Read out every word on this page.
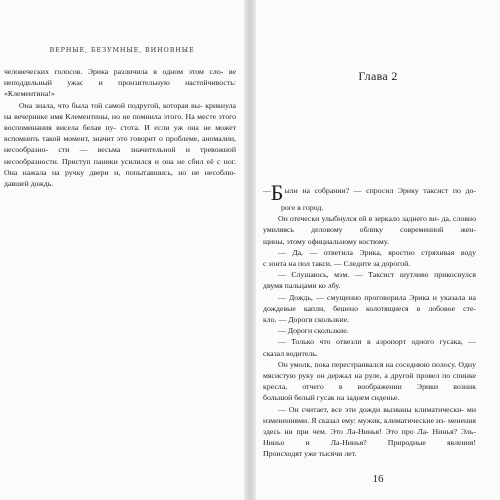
ВЕРНЫЕ, БЕЗУМНЫЕ, ВИНОВНЫЕ

человеческих голосов. Эрика различила в одном этом сло- ве неподдельный ужас и пронзительную настойчивость:

«Клементина!»

Она знала, что была той самой подругой, которая вы- крикнула на вечеринке имя Клементины, но не помнила этого. На месте этого воспоминания висела белая пу- стота. И если уж она не может вспомнить такой момент, значит это говорит о проблеме, аномалии, несообразно- сти — весьма значительной и тревожной несообразности. Приступ паники усилился и она не сбил её с ног. Она нажала на ручку двери и, попытавшись, но не несоблю-

давшей дождь.

Глава 2

—Были на собрании? — спросил Эрику таксист по до-

роге в город.

Он отечески улыбнулся ей в зеркало заднего ви- да, словно умиляясь деловому облику современной жен-

щины, этому официальному костюму.

— Да, — ответила Эрика, яростно стряхивая воду

с зонта на пол такси. — Следите за дорогой.

— Слушаюсь, мэм. — Таксист шутливо прикоснулся

двумя пальцами ко лбу.

— Дождь, — смущенно проговорила Эрика и указала на дождевые капли, бешено колотящиеся в лобовое сте-

кло. — Дороги скользкие.

— Дороги скользкие.

— Только что отвезли в аэропорт одного гусака, —

сказал водитель.

Он умолк, пока перестраивался на соседнюю полосу. Одну мясистую руку он держал на руле, а другой провел по спинке кресла, отчего в воображении Эрики возник

большой белый гусак на заднем сиденье.

— Он считает, все эти дожди вызваны климатически- ми изменениями. Я сказал ему: мужик, климатические из- менения здесь ни при чем. Это Ла-Нинья! Это про Ла- Нинья? Эль-Ниньо и Ла-Нинья? Природные явления!

Происходят уже тысячи лет.

16
